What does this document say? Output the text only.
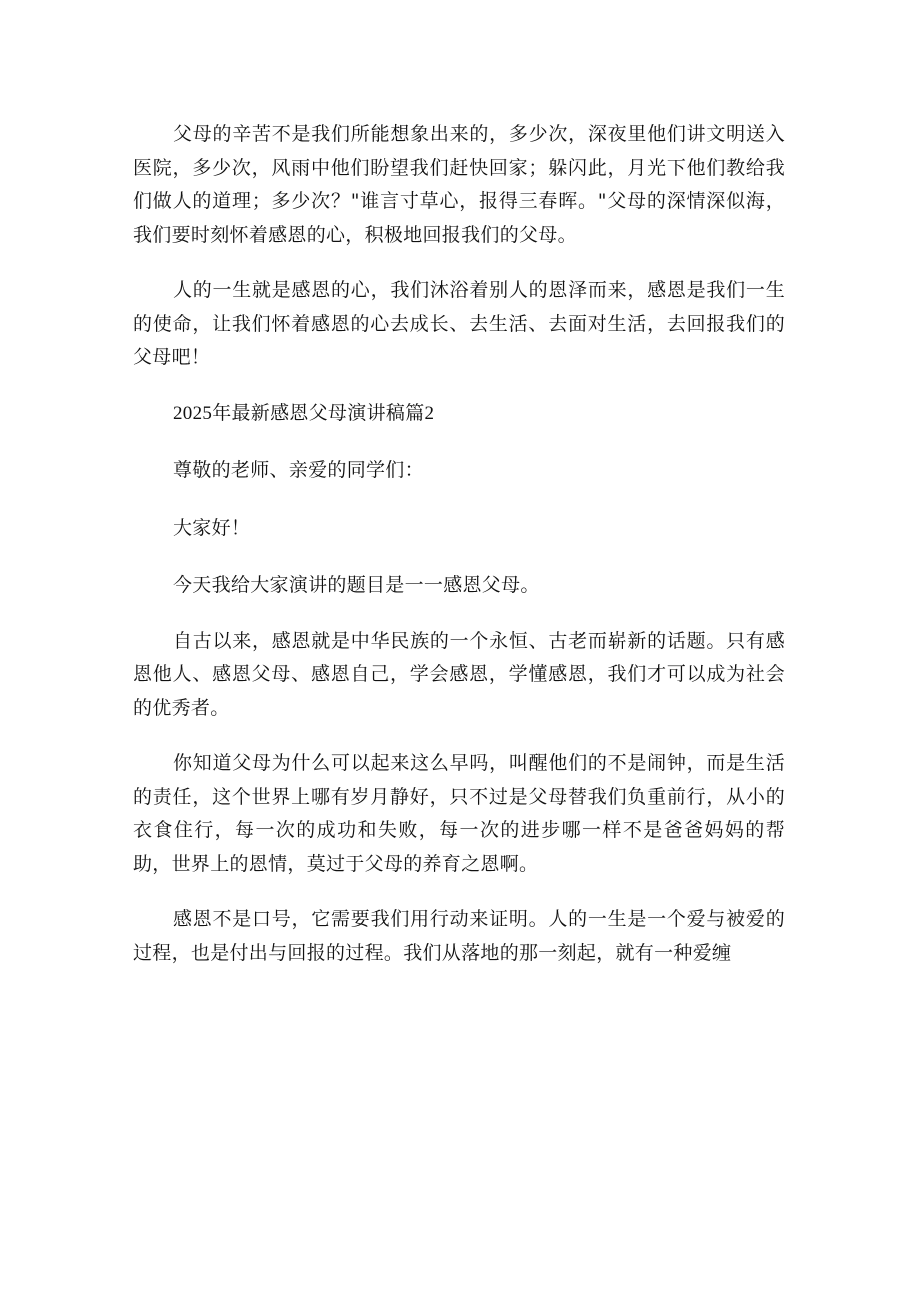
父母的辛苦不是我们所能想象出来的，多少次，深夜里他们讲文明送入医院，多少次，风雨中他们盼望我们赶快回家；躲闪此，月光下他们教给我们做人的道理；多少次？"谁言寸草心，报得三春晖。"父母的深情深似海，我们要时刻怀着感恩的心，积极地回报我们的父母。

人的一生就是感恩的心，我们沐浴着别人的恩泽而来，感恩是我们一生的使命，让我们怀着感恩的心去成长、去生活、去面对生活，去回报我们的父母吧！

2025年最新感恩父母演讲稿篇2

尊敬的老师、亲爱的同学们：

大家好！

今天我给大家演讲的题目是一一感恩父母。

自古以来，感恩就是中华民族的一个永恒、古老而崭新的话题。只有感恩他人、感恩父母、感恩自己，学会感恩，学懂感恩，我们才可以成为社会的优秀者。

你知道父母为什么可以起来这么早吗，叫醒他们的不是闹钟，而是生活的责任，这个世界上哪有岁月静好，只不过是父母替我们负重前行，从小的衣食住行，每一次的成功和失败，每一次的进步哪一样不是爸爸妈妈的帮助，世界上的恩情，莫过于父母的养育之恩啊。

感恩不是口号，它需要我们用行动来证明。人的一生是一个爱与被爱的过程，也是付出与回报的过程。我们从落地的那一刻起，就有一种爱缠
